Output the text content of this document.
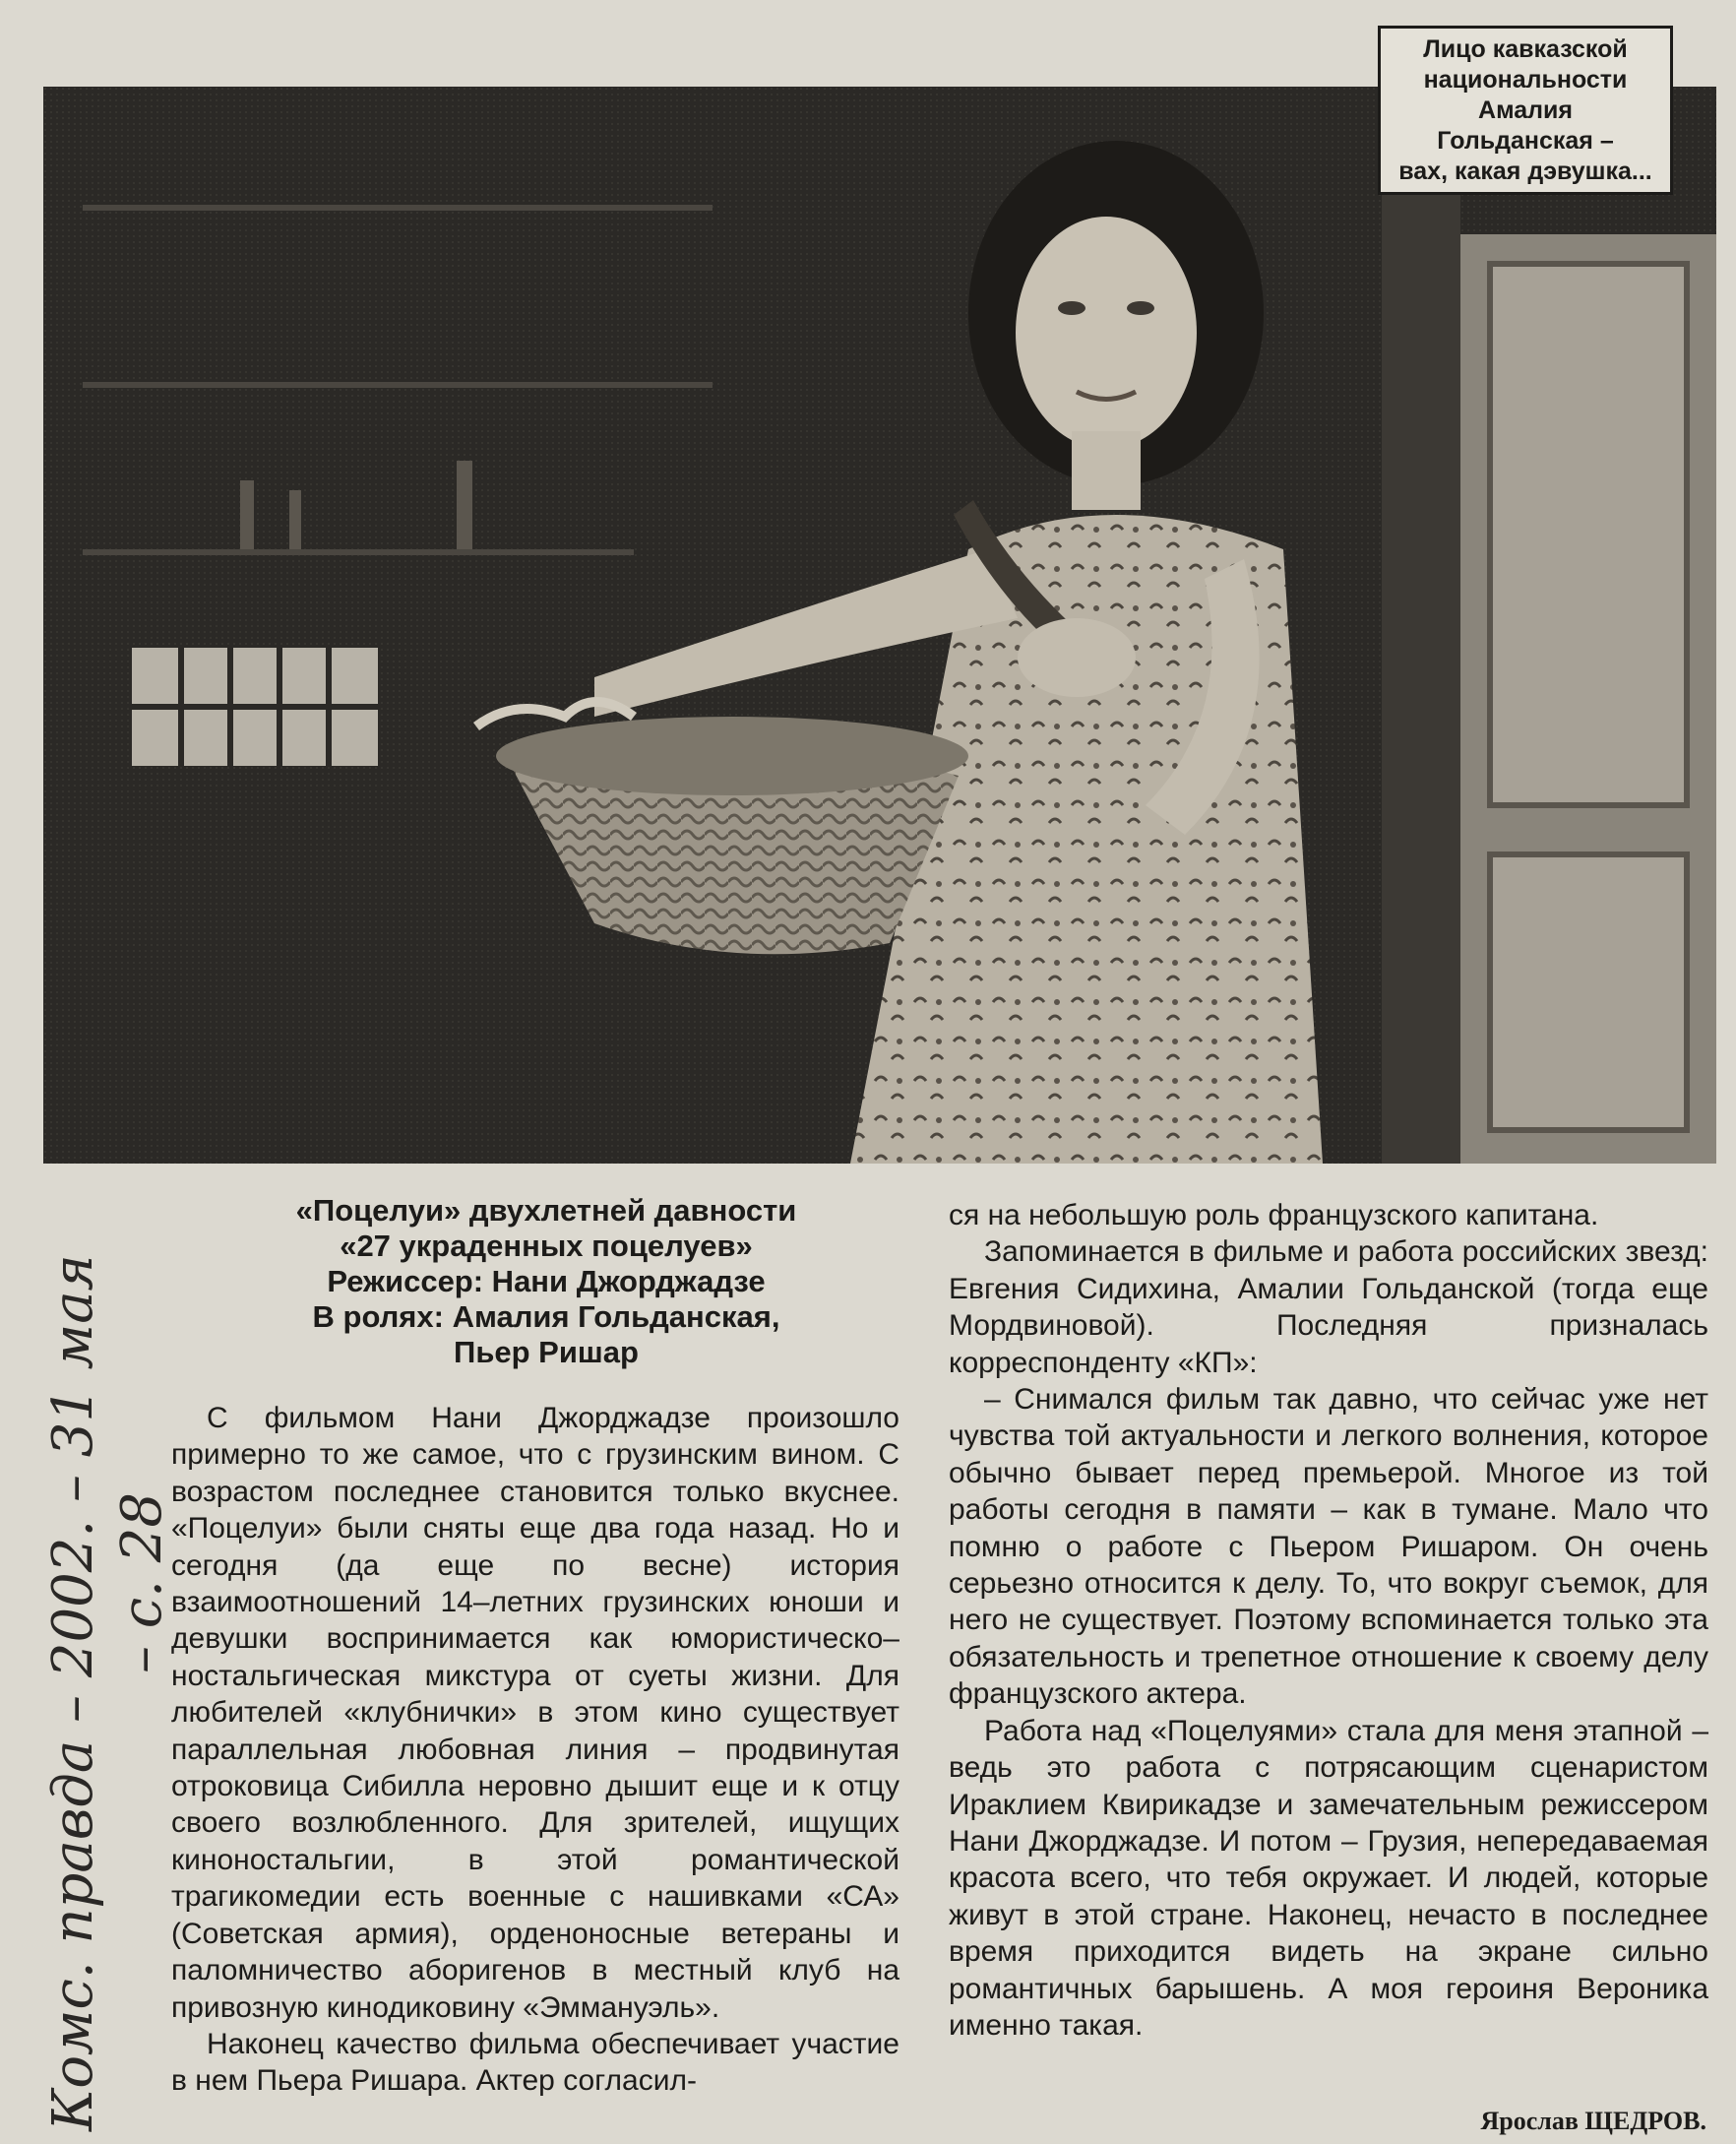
Лицо кавказской
национальности
Амалия
Гольданская –
вах, какая дэвушка...
Комс. правда – 2002. – 31 мая – с. 28
«Поцелуи» двухлетней давности
«27 украденных поцелуев»
Режиссер: Нани Джорджадзе
В ролях: Амалия Гольданская,
Пьер Ришар

С фильмом Нани Джорджадзе произошло примерно то же самое, что с грузинским вином. С возрастом последнее становится только вкуснее. «Поцелуи» были сняты еще два года назад. Но и сегодня (да еще по весне) история взаимоотношений 14–летних грузинских юноши и девушки воспринимается как юмористическо–ностальгическая микстура от суеты жизни. Для любителей «клубнички» в этом кино существует параллельная любовная линия – продвинутая отроковица Сибилла неровно дышит еще и к отцу своего возлюбленного. Для зрителей, ищущих киноностальгии, в этой романтической трагикомедии есть военные с нашивками «СА» (Советская армия), орденоносные ветераны и паломничество аборигенов в местный клуб на привозную кинодиковину «Эммануэль».

Наконец качество фильма обеспечивает участие в нем Пьера Ришара. Актер согласил-

ся на небольшую роль французского капитана.

Запоминается в фильме и работа российских звезд: Евгения Сидихина, Амалии Гольданской (тогда еще Мордвиновой). Последняя призналась корреспонденту «КП»:

– Снимался фильм так давно, что сейчас уже нет чувства той актуальности и легкого волнения, которое обычно бывает перед премьерой. Многое из той работы сегодня в памяти – как в тумане. Мало что помню о работе с Пьером Ришаром. Он очень серьезно относится к делу. То, что вокруг съемок, для него не существует. Поэтому вспоминается только эта обязательность и трепетное отношение к своему делу французского актера.

Работа над «Поцелуями» стала для меня этапной – ведь это работа с потрясающим сценаристом Ираклием Квирикадзе и замечательным режиссером Нани Джорджадзе. И потом – Грузия, непередаваемая красота всего, что тебя окружает. И людей, которые живут в этой стране. Наконец, нечасто в последнее время приходится видеть на экране сильно романтичных барышень. А моя героиня Вероника именно такая.

Ярослав ЩЕДРОВ.
